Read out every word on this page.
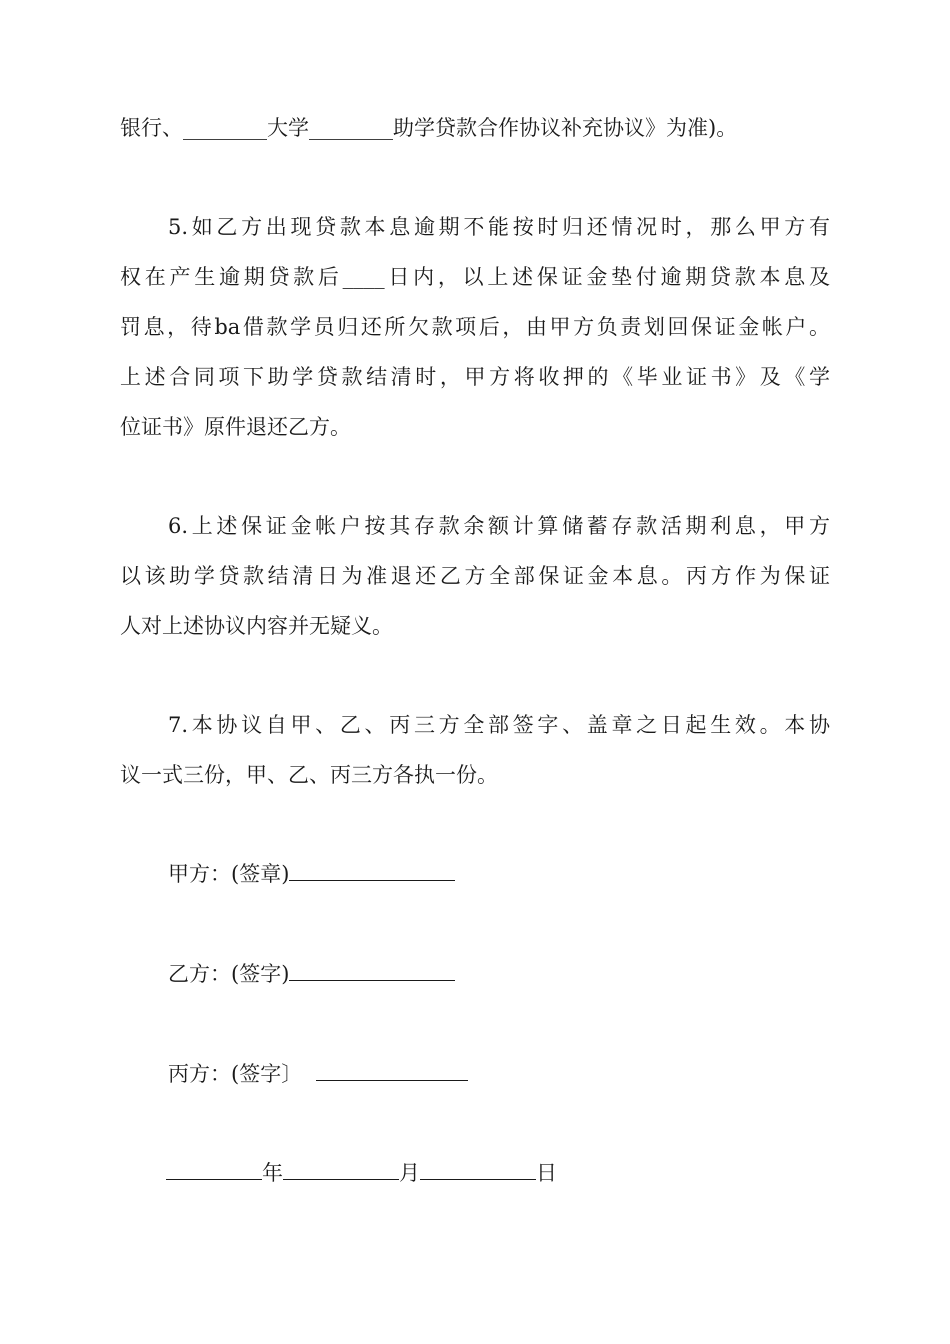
银行、________大学________助学贷款合作协议补充协议》为准)。
5.如乙方出现贷款本息逾期不能按时归还情况时，那么甲方有
权在产生逾期贷款后____日内，以上述保证金垫付逾期贷款本息及
罚息，待ba借款学员归还所欠款项后，由甲方负责划回保证金帐户。
上述合同项下助学贷款结清时，甲方将收押的《毕业证书》及《学
位证书》原件退还乙方。
6.上述保证金帐户按其存款余额计算储蓄存款活期利息，甲方
以该助学贷款结清日为准退还乙方全部保证金本息。丙方作为保证
人对上述协议内容并无疑义。
7.本协议自甲、乙、丙三方全部签字、盖章之日起生效。本协
议一式三份，甲、乙、丙三方各执一份。
甲方：(签章)
乙方：(签字)
丙方：(签字〕
年	月	日
